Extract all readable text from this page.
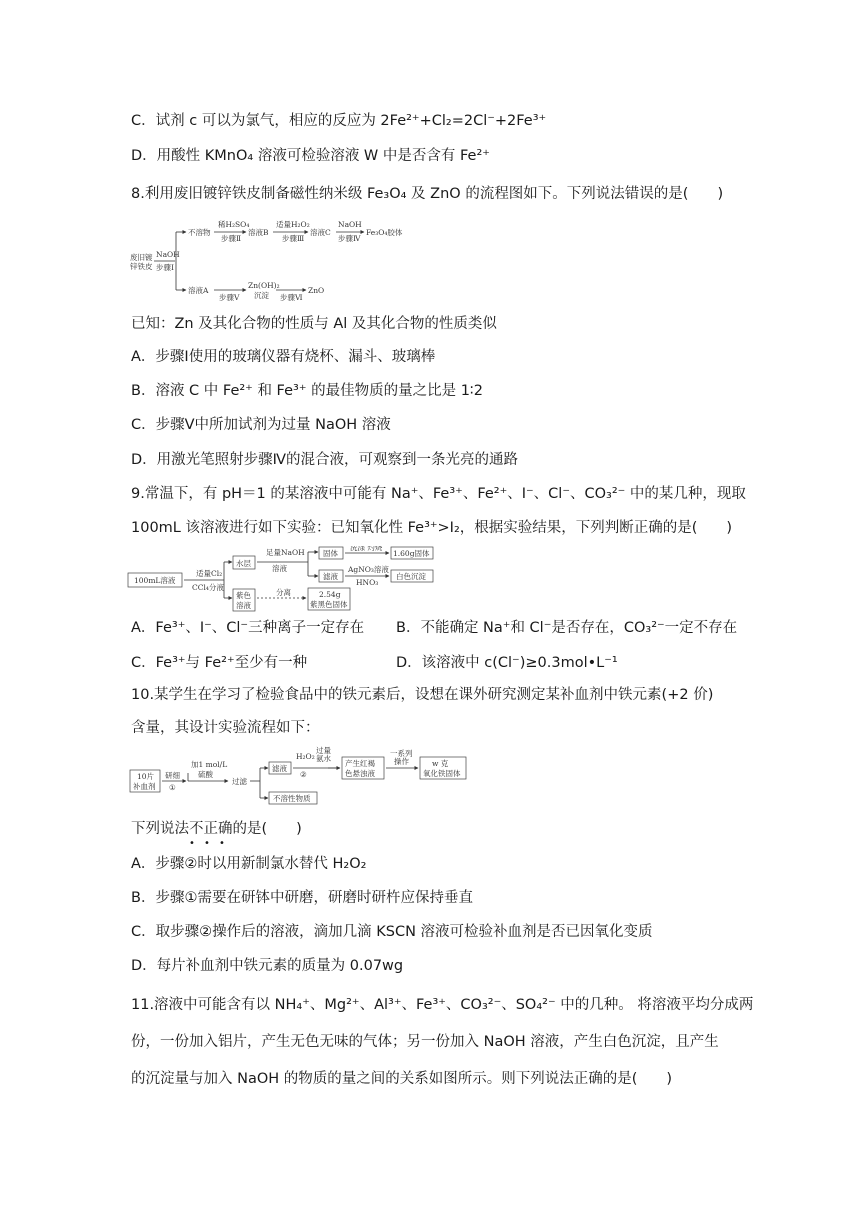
C．试剂 c 可以为氯气，相应的反应为 2Fe²⁺+Cl₂=2Cl⁻+2Fe³⁺
D．用酸性 KMnO₄ 溶液可检验溶液 W 中是否含有 Fe²⁺
8.利用废旧镀锌铁皮制备磁性纳米级 Fe₃O₄ 及 ZnO 的流程图如下。下列说法错误的是(　　)
废旧镀
锌铁皮
NaOH
步骤Ⅰ
不溶物
稀H₂SO₄
步骤Ⅱ
溶液B
适量H₂O₂
步骤Ⅲ
溶液C
NaOH
步骤Ⅳ
Fe₃O₄胶体
溶液A
步骤Ⅴ
Zn(OH)₂
沉淀 步骤Ⅵ
ZnO
已知：Zn 及其化合物的性质与 Al 及其化合物的性质类似
A．步骤Ⅰ使用的玻璃仪器有烧杯、漏斗、玻璃棒
B．溶液 C 中 Fe²⁺ 和 Fe³⁺ 的最佳物质的量之比是 1∶2
C．步骤Ⅴ中所加试剂为过量 NaOH 溶液
D．用激光笔照射步骤Ⅳ的混合液，可观察到一条光亮的通路
9.常温下，有 pH＝1 的某溶液中可能有 Na⁺、Fe³⁺、Fe²⁺、I⁻、Cl⁻、CO₃²⁻ 中的某几种，现取
100mL 该溶液进行如下实验：已知氧化性 Fe³⁺>I₂，根据实验结果，下列判断正确的是(　　)
100mL溶液
适量Cl₂
CCl₄分液
水层
足量NaOH
溶液
固体
洗涤 灼烧
1.60g固体
滤液
AgNO₃溶液
HNO₃
白色沉淀
紫色
溶液
分离	2.54g
紫黑色固体
A．Fe³⁺、I⁻、Cl⁻三种离子一定存在 B．不能确定 Na⁺和 Cl⁻是否存在，CO₃²⁻一定不存在
C．Fe³⁺与 Fe²⁺至少有一种	D．该溶液中 c(Cl⁻)≥0.3mol•L⁻¹
10.某学生在学习了检验食品中的铁元素后，设想在课外研究测定某补血剂中铁元素(+2 价)
含量，其设计实验流程如下：
10片
补血剂
研细
①
加1 mol/L
硫酸
过滤
滤液
不溶性物质
H₂O₂
②
过量
氨水
产生红褐
色悬浊液
一系列
操作	w 克
氧化铁固体
下列说法不正确的是(　　)
• • •
A．步骤②时以用新制氯水替代 H₂O₂
B．步骤①需要在研钵中研磨，研磨时研杵应保持垂直
C．取步骤②操作后的溶液，滴加几滴 KSCN 溶液可检验补血剂是否已因氧化变质
D．每片补血剂中铁元素的质量为 0.07wg
11.溶液中可能含有以 NH₄⁺、Mg²⁺、Al³⁺、Fe³⁺、CO₃²⁻、SO₄²⁻ 中的几种。 将溶液平均分成两
份，一份加入铝片，产生无色无味的气体；另一份加入 NaOH 溶液，产生白色沉淀，且产生
的沉淀量与加入 NaOH 的物质的量之间的关系如图所示。则下列说法正确的是(　　)
